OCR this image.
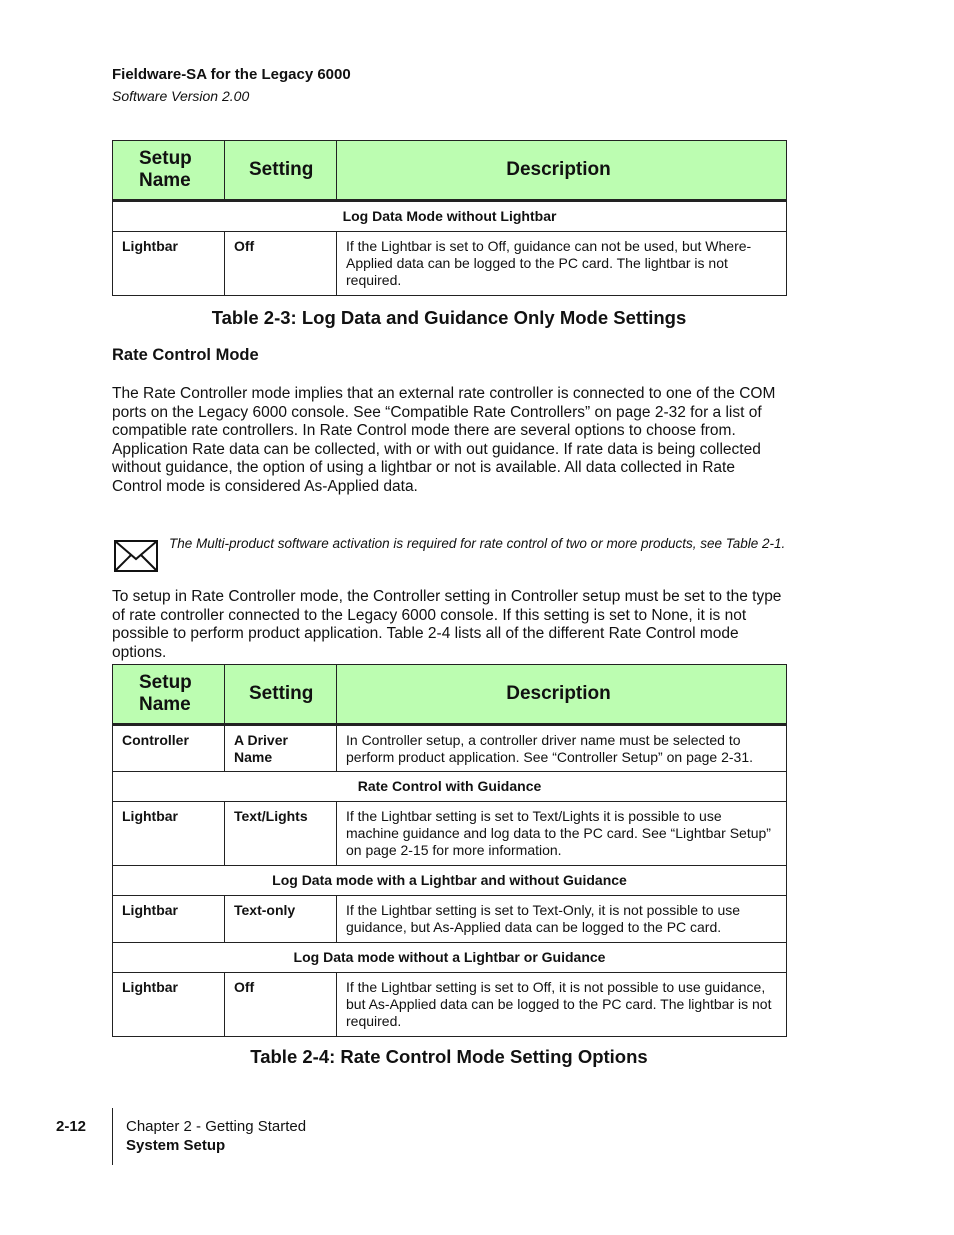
Fieldware-SA for the Legacy 6000
Software Version 2.00
Setup Name	Setting	Description
Log Data Mode without Lightbar		
Lightbar	Off	If the Lightbar is set to Off, guidance can not be used, but Where-Applied data can be logged to the PC card. The lightbar is not required.
Table 2-3: Log Data and Guidance Only Mode Settings
Rate Control Mode

The Rate Controller mode implies that an external rate controller is connected to one of the COM ports on the Legacy 6000 console. See “Compatible Rate Controllers” on page 2-32 for a list of compatible rate controllers. In Rate Control mode there are several options to choose from. Application Rate data can be collected, with or with out guidance. If rate data is being collected without guidance, the option of using a lightbar or not is available. All data collected in Rate Control mode is considered As-Applied data.

The Multi-product software activation is required for rate control of two or more products, see Table 2-1.

To setup in Rate Controller mode, the Controller setting in Controller setup must be set to the type of rate controller connected to the Legacy 6000 console. If this setting is set to None, it is not possible to perform product application. Table 2-4 lists all of the different Rate Control mode options.

Setup Name	Setting	Description
Controller	A Driver Name	In Controller setup, a controller driver name must be selected to perform product application. See “Controller Setup” on page 2-31.
Rate Control with Guidance		
Lightbar	Text/Lights	If the Lightbar setting is set to Text/Lights it is possible to use machine guidance and log data to the PC card. See “Lightbar Setup” on page 2-15 for more information.
Log Data mode with a Lightbar and without Guidance		
Lightbar	Text-only	If the Lightbar setting is set to Text-Only, it is not possible to use guidance, but As-Applied data can be logged to the PC card.
Log Data mode without a Lightbar or Guidance		
Lightbar	Off	If the Lightbar setting is set to Off, it is not possible to use guidance, but As-Applied data can be logged to the PC card. The lightbar is not required.
Table 2-4: Rate Control Mode Setting Options
2-12	Chapter 2 - Getting Started
System Setup
